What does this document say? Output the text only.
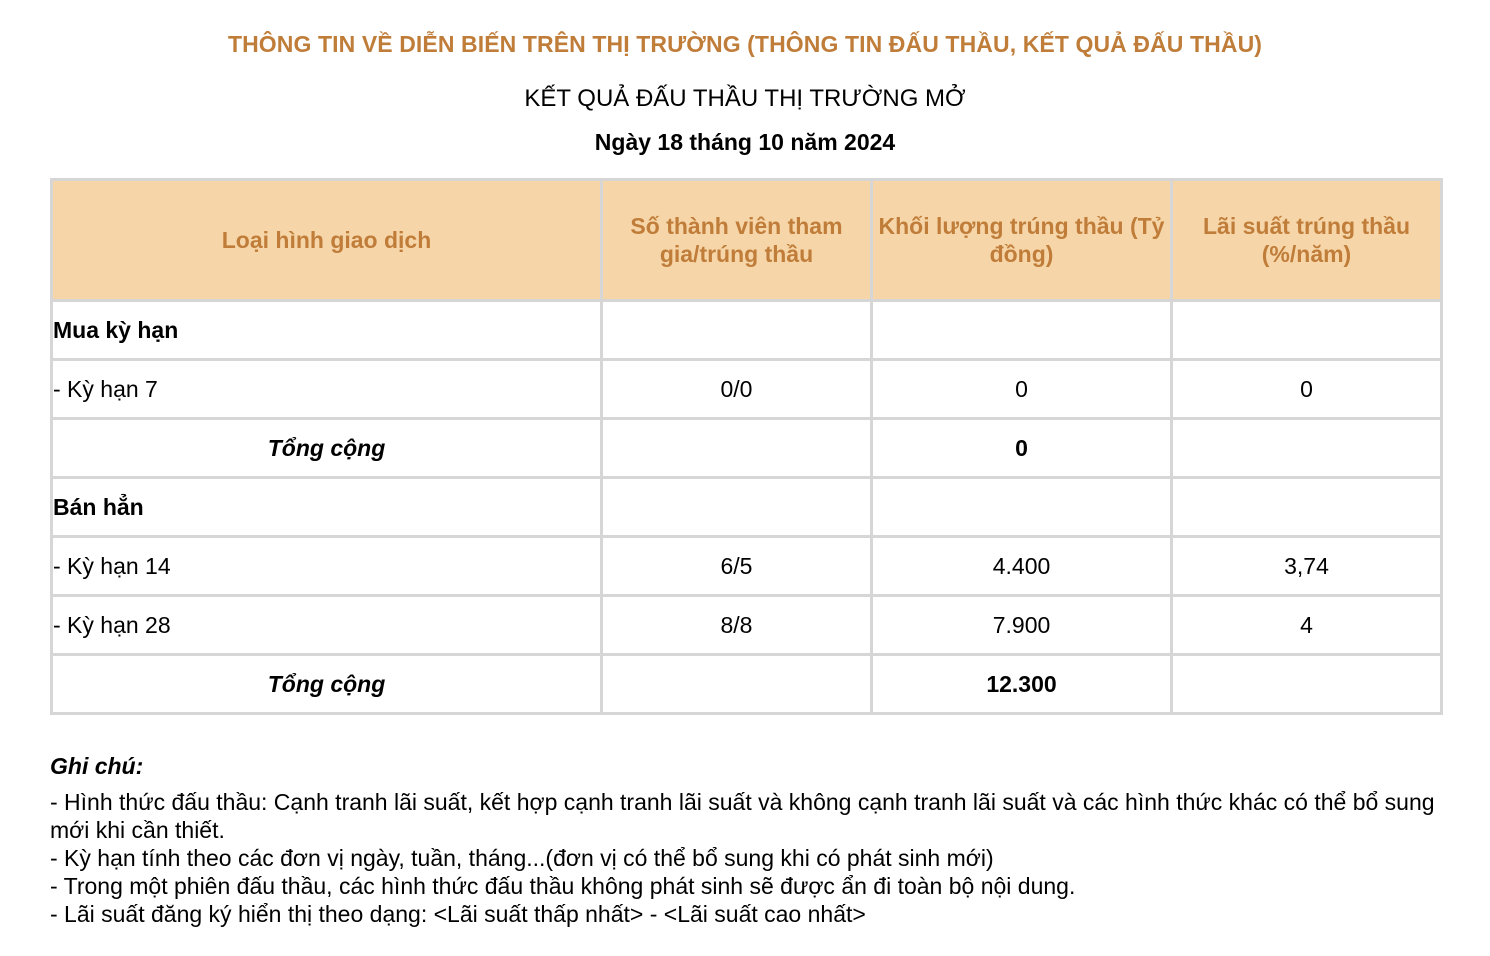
THÔNG TIN VỀ DIỄN BIẾN TRÊN THỊ TRƯỜNG (THÔNG TIN ĐẤU THẦU, KẾT QUẢ ĐẤU THẦU)
KẾT QUẢ ĐẤU THẦU THỊ TRƯỜNG MỞ
Ngày 18 tháng 10 năm 2024
Loại hình giao dịch	Số thành viên tham gia/trúng thầu	Khối lượng trúng thầu (Tỷ đồng)	Lãi suất trúng thầu (%/năm)
Mua kỳ hạn			
- Kỳ hạn 7	0/0	0	0
Tổng cộng		0	
Bán hẳn			
- Kỳ hạn 14	6/5	4.400	3,74
- Kỳ hạn 28	8/8	7.900	4
Tổng cộng		12.300	
Ghi chú:

- Hình thức đấu thầu: Cạnh tranh lãi suất, kết hợp cạnh tranh lãi suất và không cạnh tranh lãi suất và các hình thức khác có thể bổ sung mới khi cần thiết.

- Kỳ hạn tính theo các đơn vị ngày, tuần, tháng...(đơn vị có thể bổ sung khi có phát sinh mới)

- Trong một phiên đấu thầu, các hình thức đấu thầu không phát sinh sẽ được ẩn đi toàn bộ nội dung.

- Lãi suất đăng ký hiển thị theo dạng: <Lãi suất thấp nhất> - <Lãi suất cao nhất>
